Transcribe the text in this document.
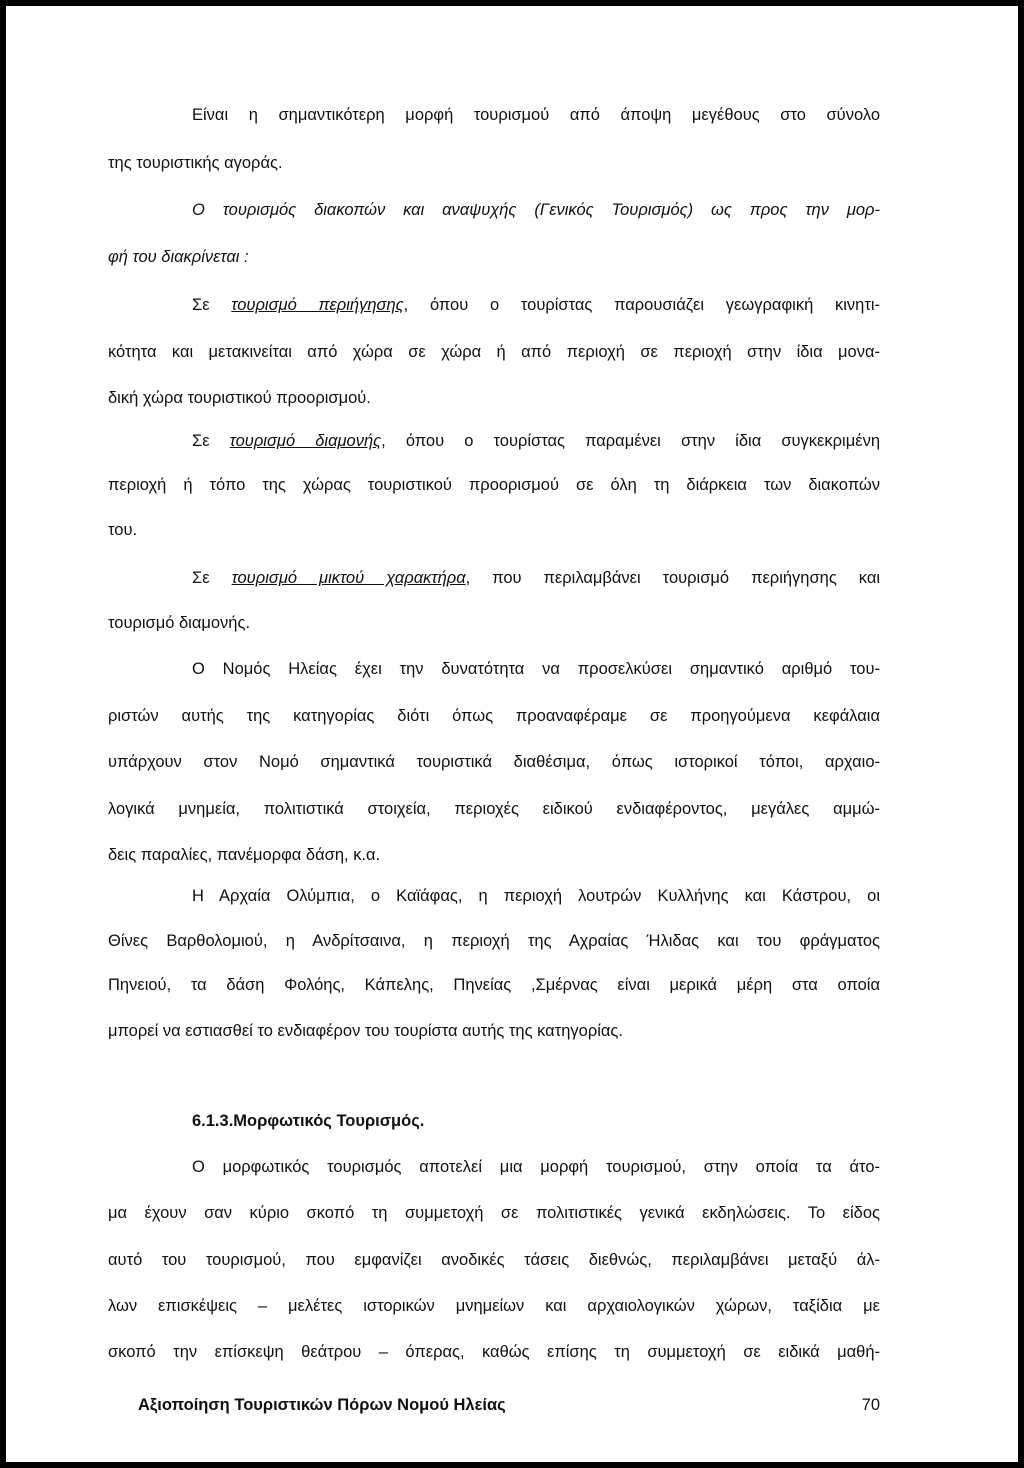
Είναι η σημαντικότερη μορφή τουρισμού από άποψη μεγέθους στο σύνολο
της τουριστικής αγοράς.
Ο τουρισμός διακοπών και αναψυχής (Γενικός Τουρισμός) ως προς την μορ-
φή του διακρίνεται :
Σε τουρισμό περιήγησης, όπου ο τουρίστας παρουσιάζει γεωγραφική κινητι-
κότητα και μετακινείται από χώρα σε χώρα ή από περιοχή σε περιοχή στην ίδια μονα-
δική χώρα τουριστικού προορισμού.
Σε τουρισμό διαμονής, όπου ο τουρίστας παραμένει στην ίδια συγκεκριμένη
περιοχή ή τόπο της χώρας τουριστικού προορισμού σε όλη τη διάρκεια των διακοπών
του.
Σε τουρισμό μικτού χαρακτήρα, που περιλαμβάνει τουρισμό περιήγησης και
τουρισμό διαμονής.
Ο Νομός Ηλείας έχει την δυνατότητα να προσελκύσει σημαντικό αριθμό του-
ριστών αυτής της κατηγορίας διότι όπως προαναφέραμε σε προηγούμενα κεφάλαια
υπάρχουν στον Νομό σημαντικά τουριστικά διαθέσιμα, όπως ιστορικοί τόποι, αρχαιο-
λογικά μνημεία, πολιτιστικά στοιχεία, περιοχές ειδικού ενδιαφέροντος, μεγάλες αμμώ-
δεις παραλίες, πανέμορφα δάση, κ.α.
Η Αρχαία Ολύμπια, ο Καϊάφας, η περιοχή λουτρών Κυλλήνης και Κάστρου, οι
Θίνες Βαρθολομιού, η Ανδρίτσαινα, η περιοχή της Αχραίας Ήλιδας και του φράγματος
Πηνειού, τα δάση Φολόης, Κάπελης, Πηνείας ,Σμέρνας είναι μερικά μέρη στα οποία
μπορεί να εστιασθεί το ενδιαφέρον του τουρίστα αυτής της κατηγορίας.
6.1.3.Μορφωτικός Τουρισμός.
Ο μορφωτικός τουρισμός αποτελεί μια μορφή τουρισμού, στην οποία τα άτο-
μα έχουν σαν κύριο σκοπό τη συμμετοχή σε πολιτιστικές γενικά εκδηλώσεις. Το είδος
αυτό του τουρισμού, που εμφανίζει ανοδικές τάσεις διεθνώς, περιλαμβάνει μεταξύ άλ-
λων επισκέψεις – μελέτες ιστορικών μνημείων και αρχαιολογικών χώρων, ταξίδια με
σκοπό την επίσκεψη θεάτρου – όπερας, καθώς επίσης τη συμμετοχή σε ειδικά μαθή-
Αξιοποίηση Τουριστικών Πόρων Νομού Ηλείας	70
